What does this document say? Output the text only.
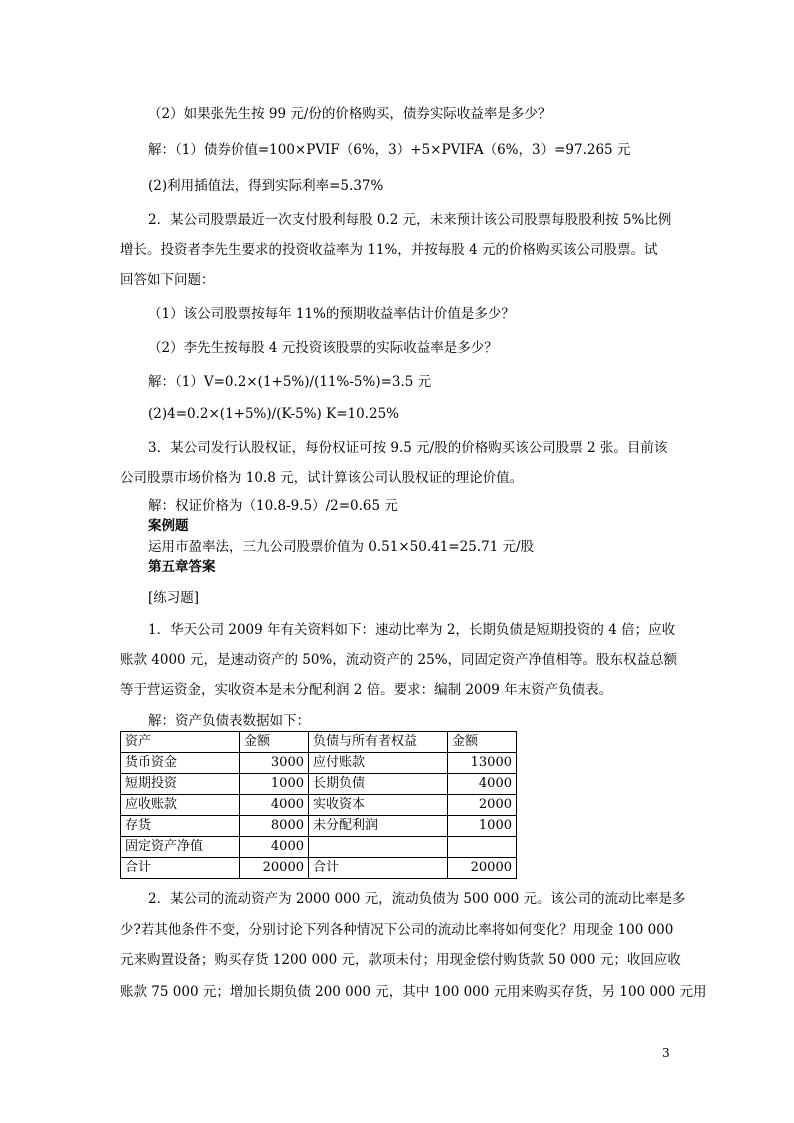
（2）如果张先生按 99 元/份的价格购买，债券实际收益率是多少？
解：（1）债券价值=100×PVIF（6%，3）+5×PVIFA（6%，3）=97.265 元
(2)利用插值法，得到实际利率=5.37%
2．某公司股票最近一次支付股利每股 0.2 元，未来预计该公司股票每股股利按 5%比例
增长。投资者李先生要求的投资收益率为 11%，并按每股 4 元的价格购买该公司股票。试
回答如下问题：
（1）该公司股票按每年 11%的预期收益率估计价值是多少？
（2）李先生按每股 4 元投资该股票的实际收益率是多少？
解：（1）V=0.2×(1+5%)/(11%-5%)=3.5 元
(2)4=0.2×(1+5%)/(K-5%) K=10.25%
3．某公司发行认股权证，每份权证可按 9.5 元/股的价格购买该公司股票 2 张。目前该
公司股票市场价格为 10.8 元，试计算该公司认股权证的理论价值。
解：权证价格为（10.8-9.5）/2=0.65 元
案例题
运用市盈率法，三九公司股票价值为 0.51×50.41=25.71 元/股
第五章答案
[练习题]
1．华天公司 2009 年有关资料如下：速动比率为 2，长期负债是短期投资的 4 倍；应收
账款 4000 元，是速动资产的 50%，流动资产的 25%，同固定资产净值相等。股东权益总额
等于营运资金，实收资本是未分配利润 2 倍。要求：编制 2009 年末资产负债表。
解：资产负债表数据如下：
资产	金额	负债与所有者权益	金额
货币资金	3000	应付账款	13000
短期投资	1000	长期负债	4000
应收账款	4000	实收资本	2000
存货	8000	未分配利润	1000
固定资产净值	4000		
合计	20000	合计	20000
2．某公司的流动资产为 2000 000 元，流动负债为 500 000 元。该公司的流动比率是多
少?若其他条件不变，分别讨论下列各种情况下公司的流动比率将如何变化？用现金 100 000
元来购置设备；购买存货 1200 000 元，款项未付；用现金偿付购货款 50 000 元；收回应收
账款 75 000 元；增加长期负债 200 000 元，其中 100 000 元用来购买存货，另 100 000 元用
3
